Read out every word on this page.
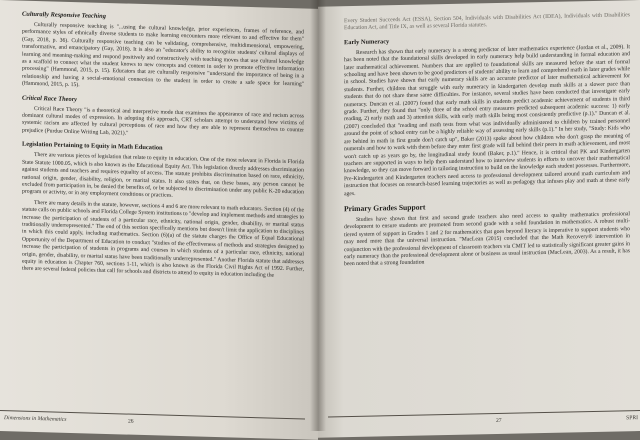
Culturally Responsive Teaching

Culturally responsive teaching is "...using the cultural knowledge, prior experiences, frames of reference, and performance styles of ethnically diverse students to make learning encounters more relevant to and effective for them" (Gay, 2018, p. 36). Culturally responsive teaching can be validating, comprehensive, multidimensional, empowering, transformative, and emancipatory (Gay, 2018). It is also an "educator's ability to recognize students' cultural displays of learning and meaning-making and respond positively and constructively with teaching moves that use cultural knowledge as a scaffold to connect what the student knows to new concepts and content in order to promote effective information processing" (Hammond, 2015, p. 15). Educators that are culturally responsive "understand the importance of being in a relationship and having a social-emotional connection to the student in order to create a safe space for learning" (Hammond, 2015, p. 15).

Critical Race Theory

Critical Race Theory "is a theoretical and interpretive mode that examines the appearance of race and racism across dominant cultural modes of expression. In adopting this approach, CRT scholars attempt to understand how victims of systemic racism are affected by cultural perceptions of race and how they are able to represent themselves to counter prejudice (Purdue Online Writing Lab, 2021)."

Legislation Pertaining to Equity in Math Education

There are various pieces of legislation that relate to equity in education. One of the most relevant in Florida is Florida State Statute 1000.05, which is also known as the Educational Equity Act. This legislation directly addresses discrimination against students and teachers and requires equality of access. The statute prohibits discrimination based on race, ethnicity, national origin, gender, disability, religion, or marital status. It also states that, on these bases, any person cannot be excluded from participation in, be denied the benefits of, or be subjected to discrimination under any public K-20 education program or activity, or in any employment conditions or practices.

There are many details in the statute, however, sections 4 and 6 are more relevant to math educators. Section (4) of the statute calls on public schools and Florida College System institutions to "develop and implement methods and strategies to increase the participation of students of a particular race, ethnicity, national origin, gender, disability, or marital status traditionally underrepresented." The end of this section specifically mentions but doesn't limit the application to disciplines in which this could apply, including mathematics. Section (6)(a) of the statute charges the Office of Equal Educational Opportunity of the Department of Education to conduct "studies of the effectiveness of methods and strategies designed to increase the participation of students in programs and courses in which students of a particular race, ethnicity, national origin, gender, disability, or marital status have been traditionally underrepresented." Another Florida statute that addresses equity in education is Chapter 760, sections 1-11, which is also known as the Florida Civil Rights Act of 1992. Further, there are several federal policies that call for schools and districts to attend to equity in education including the

Dimensions in Mathematics	26

Every Student Succeeds Act (ESSA), Section 504, Individuals with Disabilities Act (IDEA), Individuals with Disabilities Education Act, and Title IX, as well as several Florida statutes.

Early Numeracy

Research has shown that early numeracy is a strong predictor of later mathematics experience (Jordan et al., 2009). It has been noted that the foundational skills developed in early numeracy help build understanding in formal education and later mathematical achievement. Numbers that are applied to foundational skills are measured before the start of formal schooling and have been shown to be good predictors of students' ability to learn and comprehend math in later grades while in school. Studies have shown that early numeracy skills are an accurate predictor of later mathematical achievement for students. Further, children that struggle with early numeracy in kindergarten develop math skills at a slower pace than students that do not share these same difficulties. For instance, several studies have been conducted that investigate early numeracy. Duncan et al. (2007) found that early math skills in students predict academic achievement of students in third grade. Further, they found that "only three of the school entry measures predicted subsequent academic success: 1) early reading, 2) early math and 3) attention skills, with early math skills being most consistently predictive (p.1)." Duncan et al. (2007) concluded that "reading and math tests from what was individually administered to children by trained personnel around the point of school entry can be a highly reliable way of assessing early skills (p.1)." In her study, "Study: Kids who are behind in math in first grade don't catch up", Baker (2013) spoke about how children who don't grasp the meaning of numerals and how to work with them before they enter first grade will fall behind their peers in math achievement, and most won't catch up as years go by, the longitudinal study found (Baker, p.1)." Hence, it is critical that PK and Kindergarten teachers are supported in ways to help them understand how to interview students in efforts to uncover their mathematical knowledge, so they can move forward in tailoring instruction to build on the knowledge each student possesses. Furthermore, Pre-Kindergarten and Kindergarten teachers need access to professional development tailored around math curriculum and instruction that focuses on research-based learning trajectories as well as pedagogy that infuses play and math at these early ages.

Primary Grades Support

Studies have shown that first and second grade teachers also need access to quality mathematics professional development to ensure students are promoted from second grade with a solid foundation in mathematics. A robust multi-tiered system of support in Grades 1 and 2 for mathematics that goes beyond literacy is imperative to support students who may need more than the universal instruction. "MacLean (2015) concluded that the Math Recovery® intervention in conjunction with the professional development of classroom teachers via CMIT led to statistically significant greater gains in early numeracy than the professional development alone or business as usual instruction (MacLean, 2003). As a result, it has been noted that a strong foundation

27	SPRI
